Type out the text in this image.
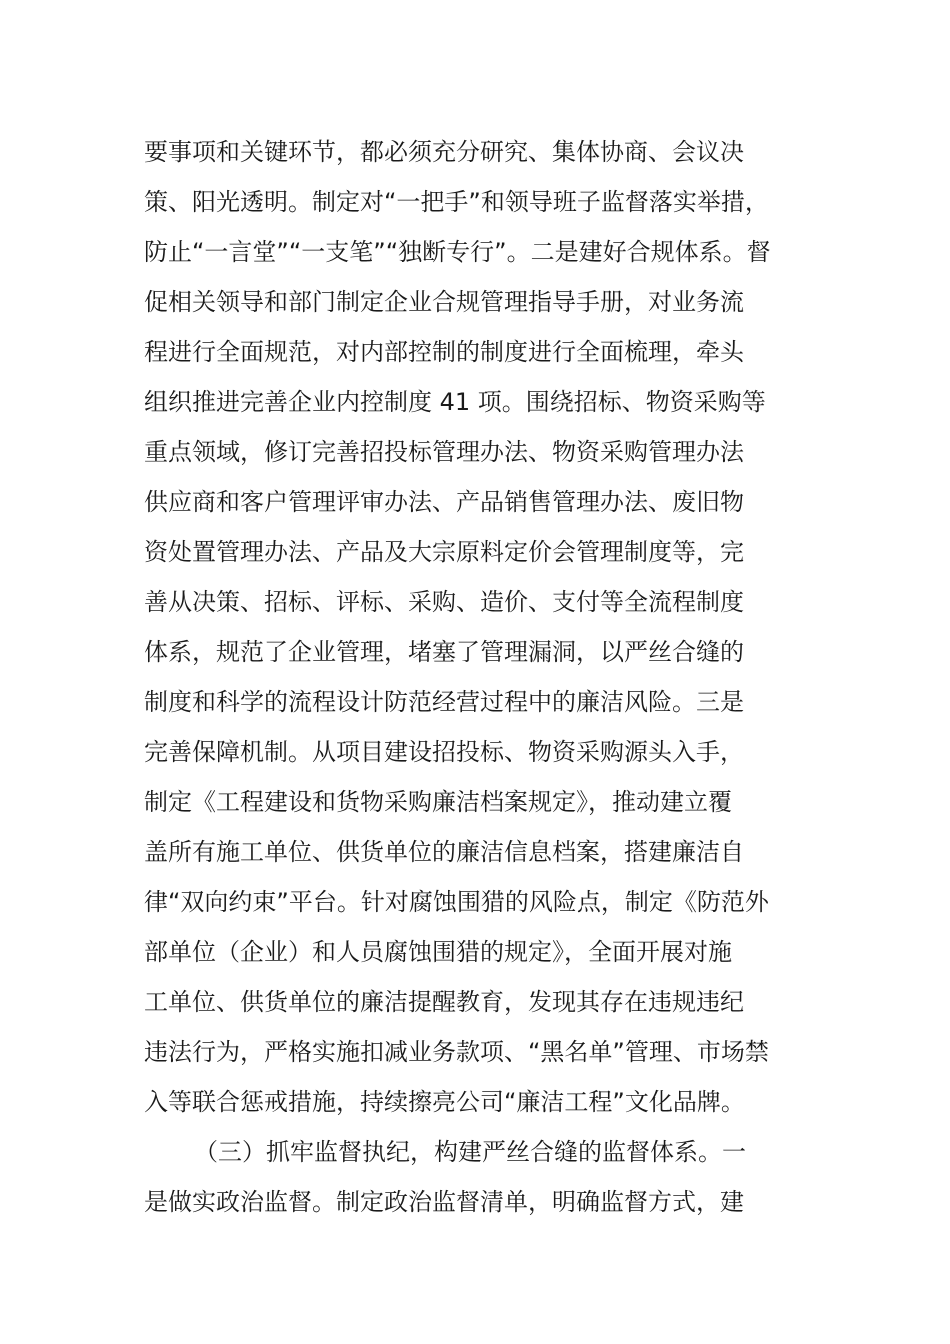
要事项和关键环节，都必须充分研究、集体协商、会议决
策、阳光透明。制定对“一把手”和领导班子监督落实举措，
防止“一言堂”“一支笔”“独断专行”。二是建好合规体系。督
促相关领导和部门制定企业合规管理指导手册，对业务流
程进行全面规范，对内部控制的制度进行全面梳理，牵头
组织推进完善企业内控制度 41 项。围绕招标、物资采购等
重点领域，修订完善招投标管理办法、物资采购管理办法
供应商和客户管理评审办法、产品销售管理办法、废旧物
资处置管理办法、产品及大宗原料定价会管理制度等，完
善从决策、招标、评标、采购、造价、支付等全流程制度
体系，规范了企业管理，堵塞了管理漏洞，以严丝合缝的
制度和科学的流程设计防范经营过程中的廉洁风险。三是
完善保障机制。从项目建设招投标、物资采购源头入手，
制定《工程建设和货物采购廉洁档案规定》，推动建立覆
盖所有施工单位、供货单位的廉洁信息档案，搭建廉洁自
律“双向约束”平台。针对腐蚀围猎的风险点，制定《防范外
部单位（企业）和人员腐蚀围猎的规定》，全面开展对施
工单位、供货单位的廉洁提醒教育，发现其存在违规违纪
违法行为，严格实施扣减业务款项、“黑名单”管理、市场禁
入等联合惩戒措施，持续擦亮公司“廉洁工程”文化品牌。
（三）抓牢监督执纪，构建严丝合缝的监督体系。一
是做实政治监督。制定政治监督清单，明确监督方式，建
